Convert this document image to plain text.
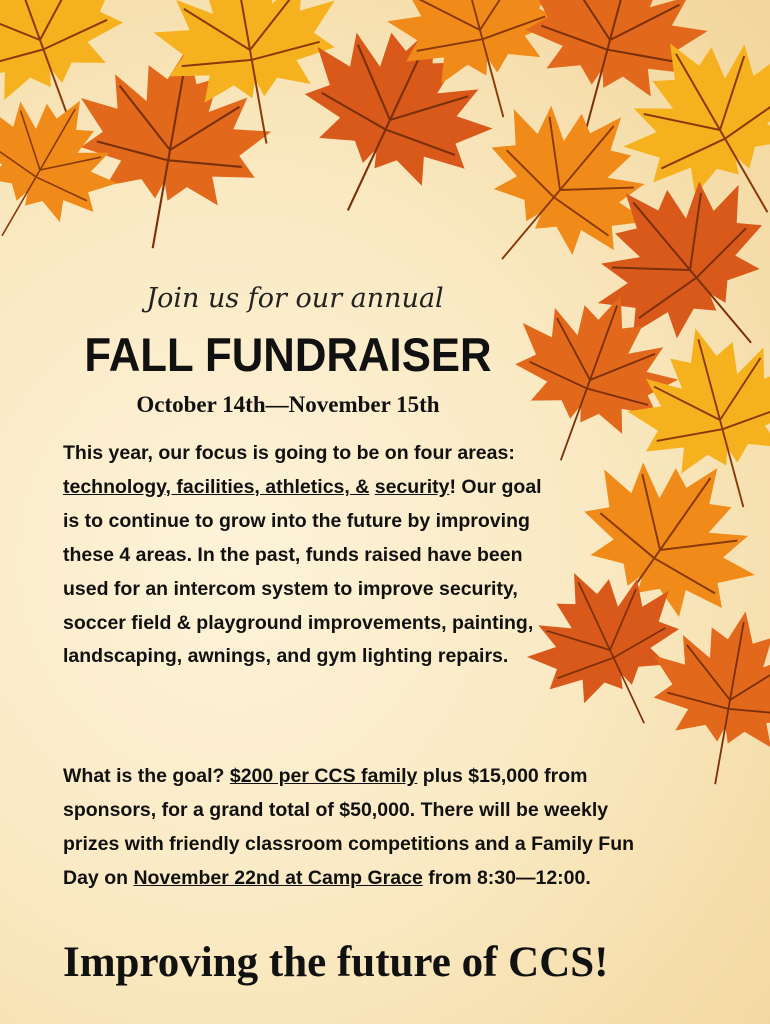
Join us for our annual
FALL FUNDRAISER
October 14th—November 15th
This year, our focus is going to be on four areas: technology, facilities, athletics, & security! Our goal is to continue to grow into the future by improving these 4 areas. In the past, funds raised have been used for an intercom system to improve security, soccer field & playground improvements, painting, landscaping, awnings, and gym lighting repairs.
What is the goal? $200 per CCS family plus $15,000 from sponsors, for a grand total of $50,000. There will be weekly prizes with friendly classroom competitions and a Family Fun Day on November 22nd at Camp Grace from 8:30—12:00.
Improving the future of CCS!
